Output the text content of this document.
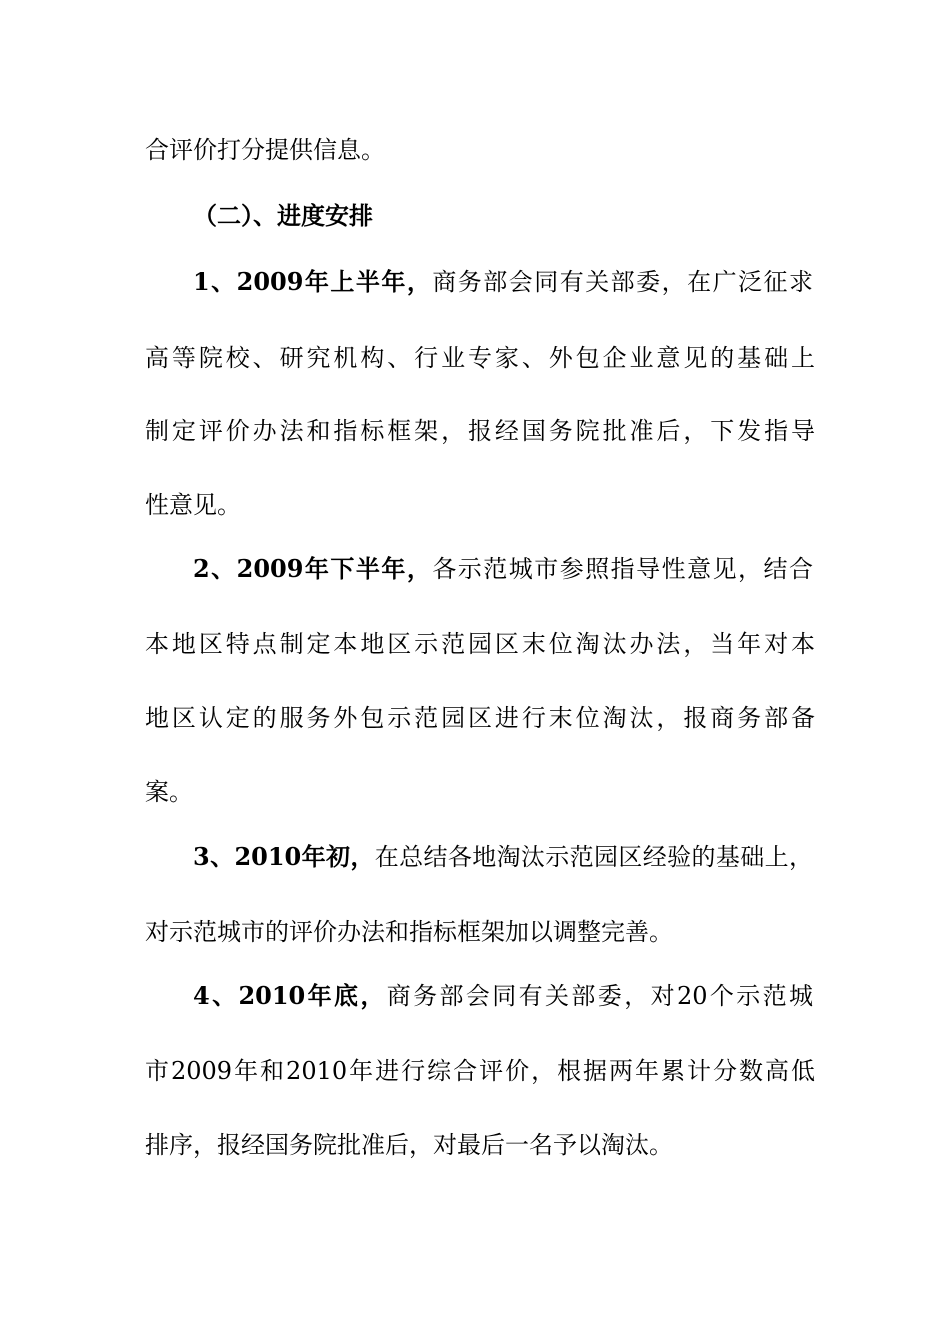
合评价打分提供信息。
（二）、进度安排
1、2009年上半年，商务部会同有关部委，在广泛征求
高等院校、研究机构、行业专家、外包企业意见的基础上
制定评价办法和指标框架，报经国务院批准后，下发指导
性意见。
2、2009年下半年，各示范城市参照指导性意见，结合
本地区特点制定本地区示范园区末位淘汰办法，当年对本
地区认定的服务外包示范园区进行末位淘汰，报商务部备
案。
3、2010年初，在总结各地淘汰示范园区经验的基础上，
对示范城市的评价办法和指标框架加以调整完善。
4、2010年底，商务部会同有关部委，对20个示范城
市2009年和2010年进行综合评价，根据两年累计分数高低
排序，报经国务院批准后，对最后一名予以淘汰。
